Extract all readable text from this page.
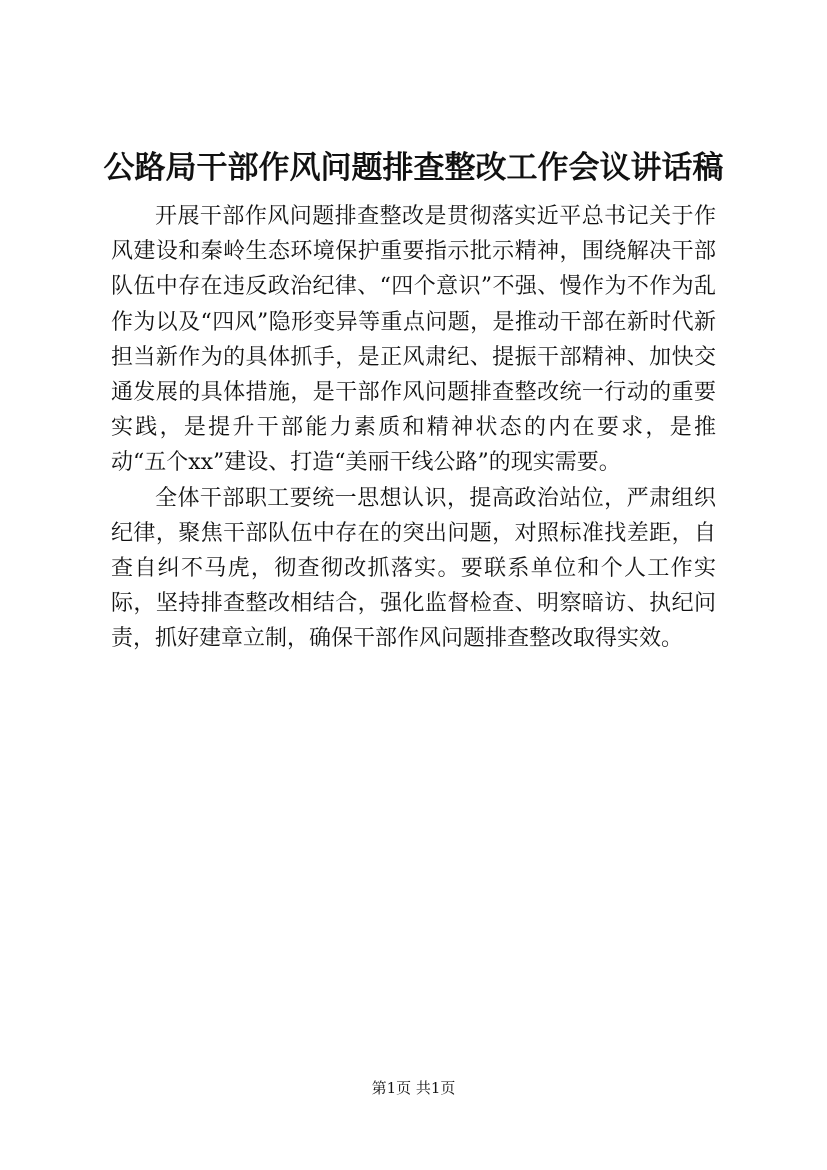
公路局干部作风问题排查整改工作会议讲话稿

开展干部作风问题排查整改是贯彻落实近平总书记关于作风建设和秦岭生态环境保护重要指示批示精神，围绕解决干部队伍中存在违反政治纪律、“四个意识”不强、慢作为不作为乱作为以及“四风”隐形变异等重点问题，是推动干部在新时代新担当新作为的具体抓手，是正风肃纪、提振干部精神、加快交通发展的具体措施，是干部作风问题排查整改统一行动的重要实践，是提升干部能力素质和精神状态的内在要求，是推动“五个xx”建设、打造“美丽干线公路”的现实需要。

全体干部职工要统一思想认识，提高政治站位，严肃组织纪律，聚焦干部队伍中存在的突出问题，对照标准找差距，自查自纠不马虎，彻查彻改抓落实。要联系单位和个人工作实际，坚持排查整改相结合，强化监督检查、明察暗访、执纪问责，抓好建章立制，确保干部作风问题排查整改取得实效。

第1页 共1页
